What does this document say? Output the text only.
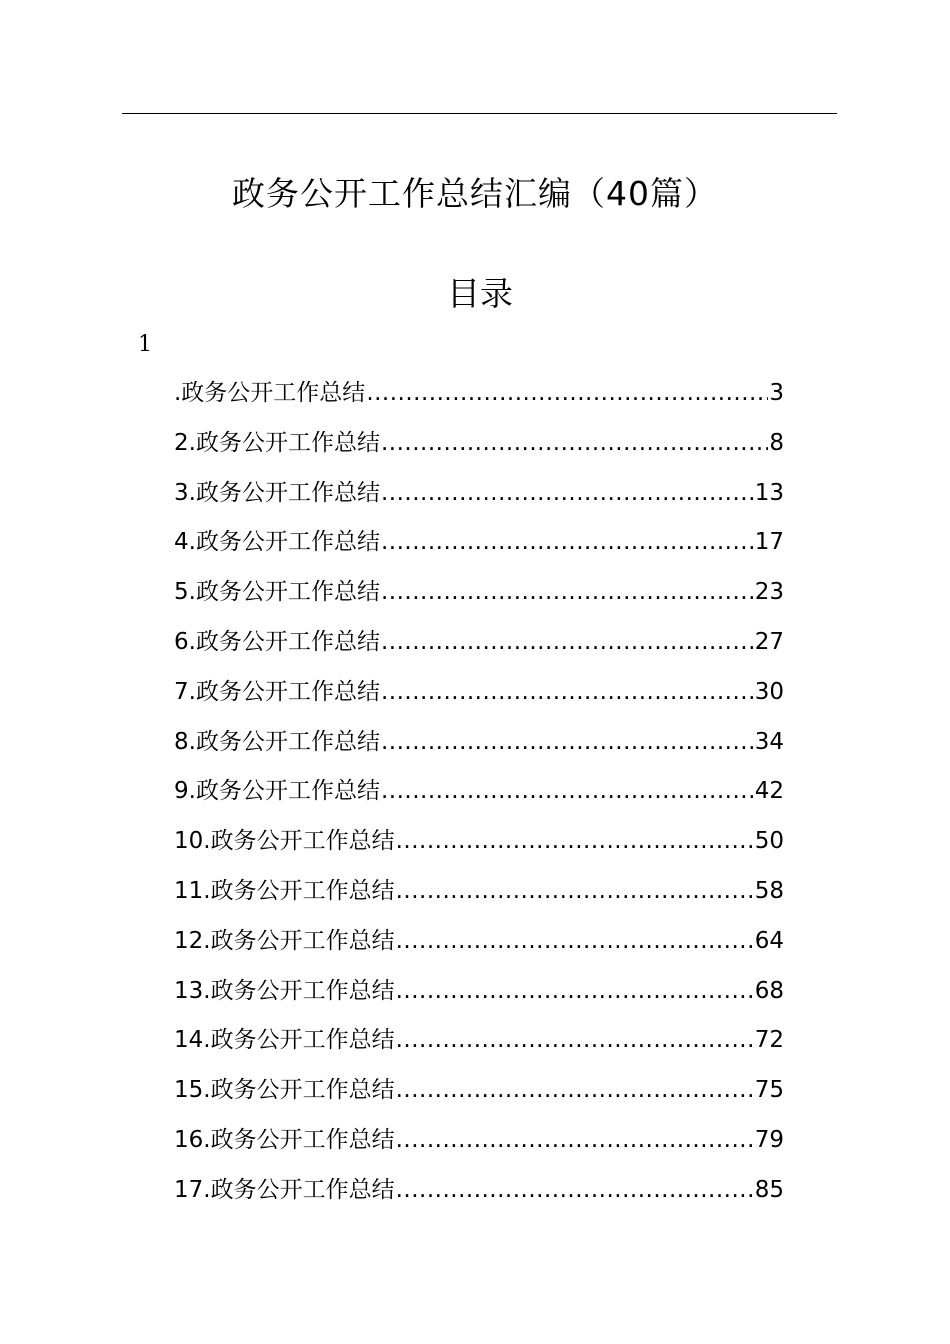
政务公开工作总结汇编（40篇）
目录
1
.政务公开工作总结 .....	3
2.政务公开工作总结 .....	8
3.政务公开工作总结 .....	13
4.政务公开工作总结 .....	17
5.政务公开工作总结 .....	23
6.政务公开工作总结 .....	27
7.政务公开工作总结 .....	30
8.政务公开工作总结 .....	34
9.政务公开工作总结 .....	42
10.政务公开工作总结 .....	50
11.政务公开工作总结 .....	58
12.政务公开工作总结 .....	64
13.政务公开工作总结 .....	68
14.政务公开工作总结 .....	72
15.政务公开工作总结 .....	75
16.政务公开工作总结 .....	79
17.政务公开工作总结 .....	85
